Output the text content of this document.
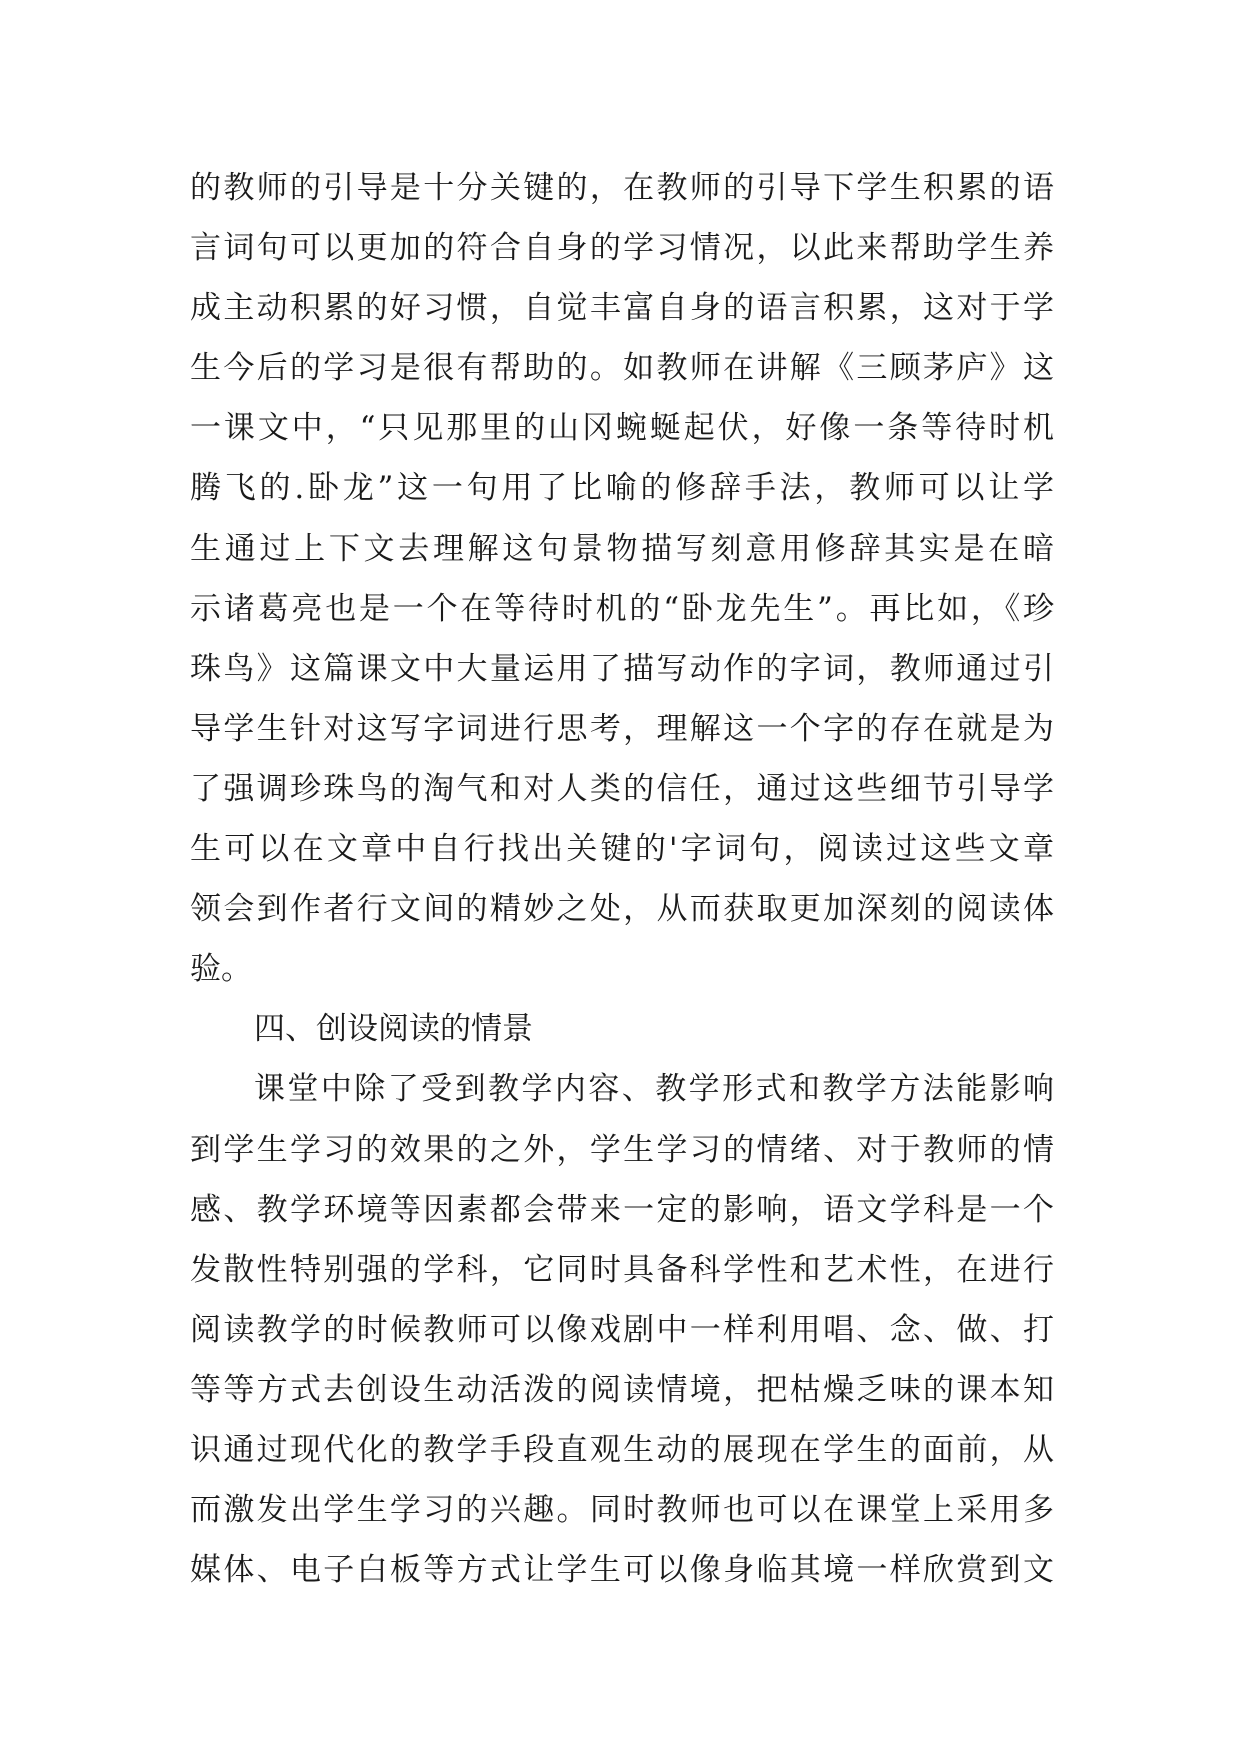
的教师的引导是十分关键的，在教师的引导下学生积累的语
言词句可以更加的符合自身的学习情况，以此来帮助学生养
成主动积累的好习惯，自觉丰富自身的语言积累，这对于学
生今后的学习是很有帮助的。如教师在讲解《三顾茅庐》这
一课文中，“只见那里的山冈蜿蜒起伏，好像一条等待时机
腾飞的.卧龙”这一句用了比喻的修辞手法，教师可以让学
生通过上下文去理解这句景物描写刻意用修辞其实是在暗
示诸葛亮也是一个在等待时机的“卧龙先生”。再比如，《珍
珠鸟》这篇课文中大量运用了描写动作的字词，教师通过引
导学生针对这写字词进行思考，理解这一个字的存在就是为
了强调珍珠鸟的淘气和对人类的信任，通过这些细节引导学
生可以在文章中自行找出关键的'字词句，阅读过这些文章
领会到作者行文间的精妙之处，从而获取更加深刻的阅读体
验。
四、创设阅读的情景
课堂中除了受到教学内容、教学形式和教学方法能影响
到学生学习的效果的之外，学生学习的情绪、对于教师的情
感、教学环境等因素都会带来一定的影响，语文学科是一个
发散性特别强的学科，它同时具备科学性和艺术性，在进行
阅读教学的时候教师可以像戏剧中一样利用唱、念、做、打
等等方式去创设生动活泼的阅读情境，把枯燥乏味的课本知
识通过现代化的教学手段直观生动的展现在学生的面前，从
而激发出学生学习的兴趣。同时教师也可以在课堂上采用多
媒体、电子白板等方式让学生可以像身临其境一样欣赏到文
